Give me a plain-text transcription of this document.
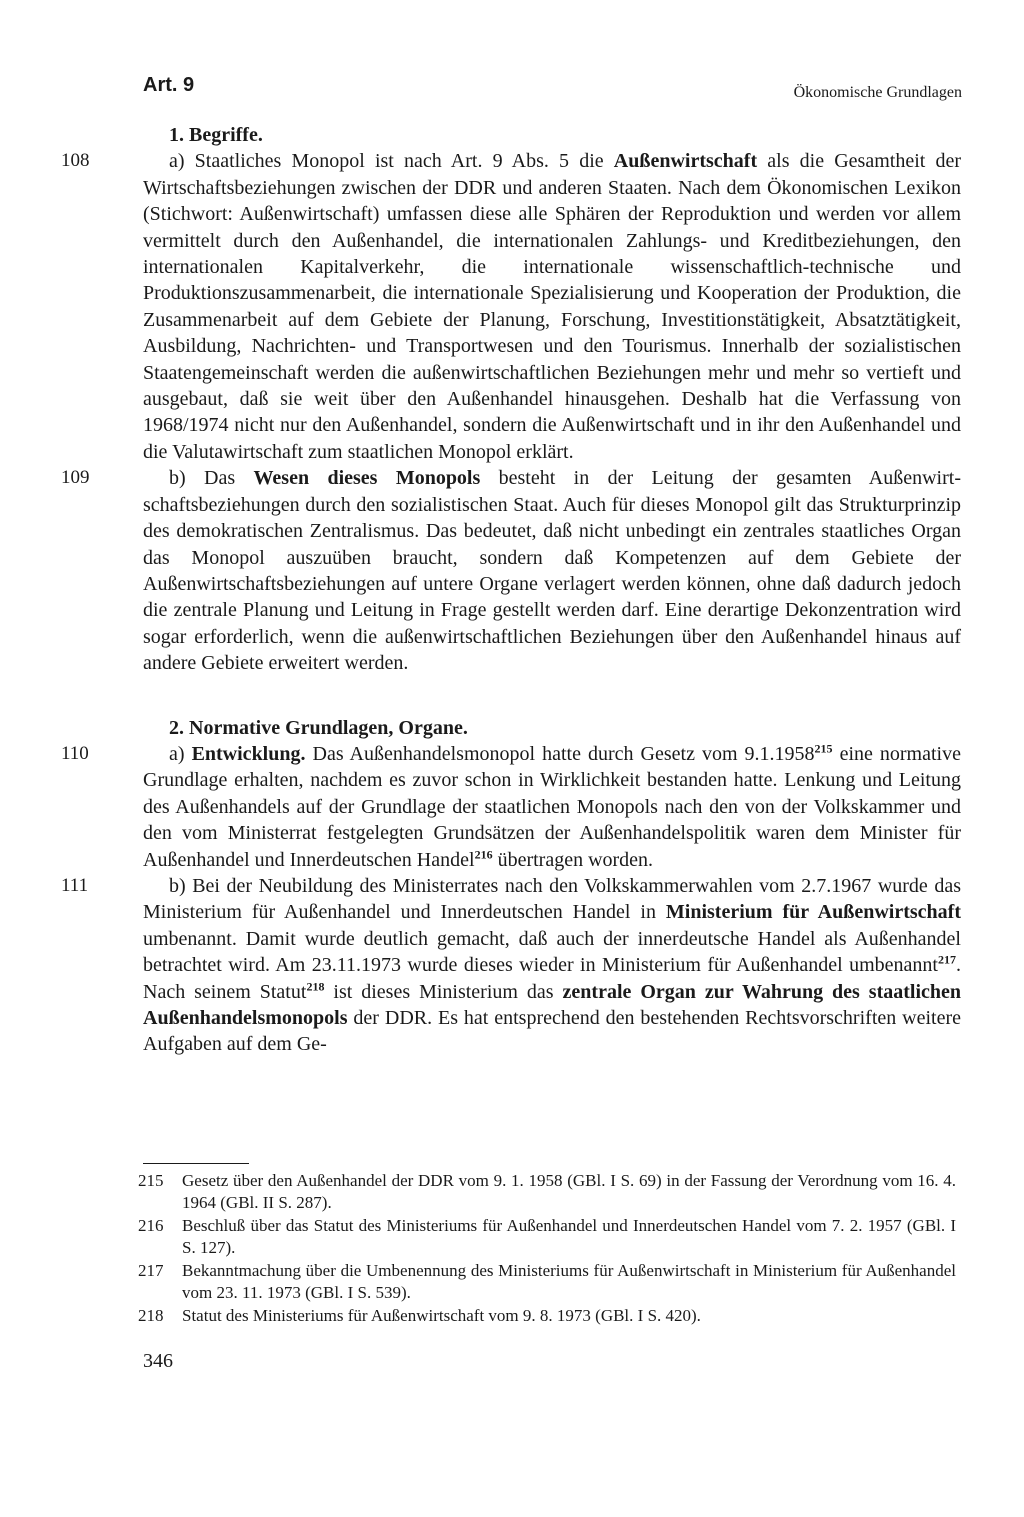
Art. 9	Ökonomische Grundlagen
1. Begriffe.

108	a) Staatliches Monopol ist nach Art. 9 Abs. 5 die Außenwirtschaft als die Gesamtheit der Wirtschaftsbeziehungen zwischen der DDR und anderen Staaten. Nach dem Ökonomischen Lexikon (Stichwort: Außenwirtschaft) umfassen diese alle Sphären der Reproduktion und werden vor allem vermittelt durch den Außenhandel, die internationalen Zahlungs- und Kreditbeziehungen, den internationalen Kapitalverkehr, die internationale wissenschaftlich-technische und Produktionszusammenarbeit, die internationale Spezialisierung und Kooperation der Produktion, die Zusammenarbeit auf dem Gebiete der Planung, Forschung, Investitionstätigkeit, Absatztätigkeit, Ausbildung, Nachrichten- und Transportwesen und den Tourismus. Innerhalb der sozialistischen Staatengemeinschaft werden die außenwirtschaftlichen Beziehungen mehr und mehr so vertieft und ausgebaut, daß sie weit über den Außenhandel hinausgehen. Deshalb hat die Verfassung von 1968/1974 nicht nur den Außenhandel, sondern die Außenwirtschaft und in ihr den Außenhandel und die Valutawirtschaft zum staatlichen Monopol erklärt.

109	b) Das Wesen dieses Monopols besteht in der Leitung der gesamten Außenwirtschaftsbeziehungen durch den sozialistischen Staat. Auch für dieses Monopol gilt das Strukturprinzip des demokratischen Zentralismus. Das bedeutet, daß nicht unbedingt ein zentrales staatliches Organ das Monopol auszuüben braucht, sondern daß Kompetenzen auf dem Gebiete der Außenwirtschaftsbeziehungen auf untere Organe verlagert werden können, ohne daß dadurch jedoch die zentrale Planung und Leitung in Frage gestellt werden darf. Eine derartige Dekonzentration wird sogar erforderlich, wenn die außenwirtschaftlichen Beziehungen über den Außenhandel hinaus auf andere Gebiete erweitert werden.

2. Normative Grundlagen, Organe.

110	a) Entwicklung. Das Außenhandelsmonopol hatte durch Gesetz vom 9.1.1958$^{215}$ eine normative Grundlage erhalten, nachdem es zuvor schon in Wirklichkeit bestanden hatte. Lenkung und Leitung des Außenhandels auf der Grundlage der staatlichen Monopols nach den von der Volkskammer und den vom Ministerrat festgelegten Grundsätzen der Außenhandelspolitik waren dem Minister für Außenhandel und Innerdeutschen Handel$^{216}$ übertragen worden.

111	b) Bei der Neubildung des Ministerrates nach den Volkskammerwahlen vom 2.7.1967 wurde das Ministerium für Außenhandel und Innerdeutschen Handel in Ministerium für Außenwirtschaft umbenannt. Damit wurde deutlich gemacht, daß auch der innerdeutsche Handel als Außenhandel betrachtet wird. Am 23.11.1973 wurde dieses wieder in Ministerium für Außenhandel umbenannt$^{217}$. Nach seinem Statut$^{218}$ ist dieses Ministerium das zentrale Organ zur Wahrung des staatlichen Außenhandelsmonopols der DDR. Es hat entsprechend den bestehenden Rechtsvorschriften weitere Aufgaben auf dem Ge-

215	Gesetz über den Außenhandel der DDR vom 9. 1. 1958 (GBl. I S. 69) in der Fassung der Verordnung vom 16. 4. 1964 (GBl. II S. 287).
216	Beschluß über das Statut des Ministeriums für Außenhandel und Innerdeutschen Handel vom 7. 2. 1957 (GBl. I S. 127).
217	Bekanntmachung über die Umbenennung des Ministeriums für Außenwirtschaft in Ministerium für Außenhandel vom 23. 11. 1973 (GBl. I S. 539).
218	Statut des Ministeriums für Außenwirtschaft vom 9. 8. 1973 (GBl. I S. 420).
346
